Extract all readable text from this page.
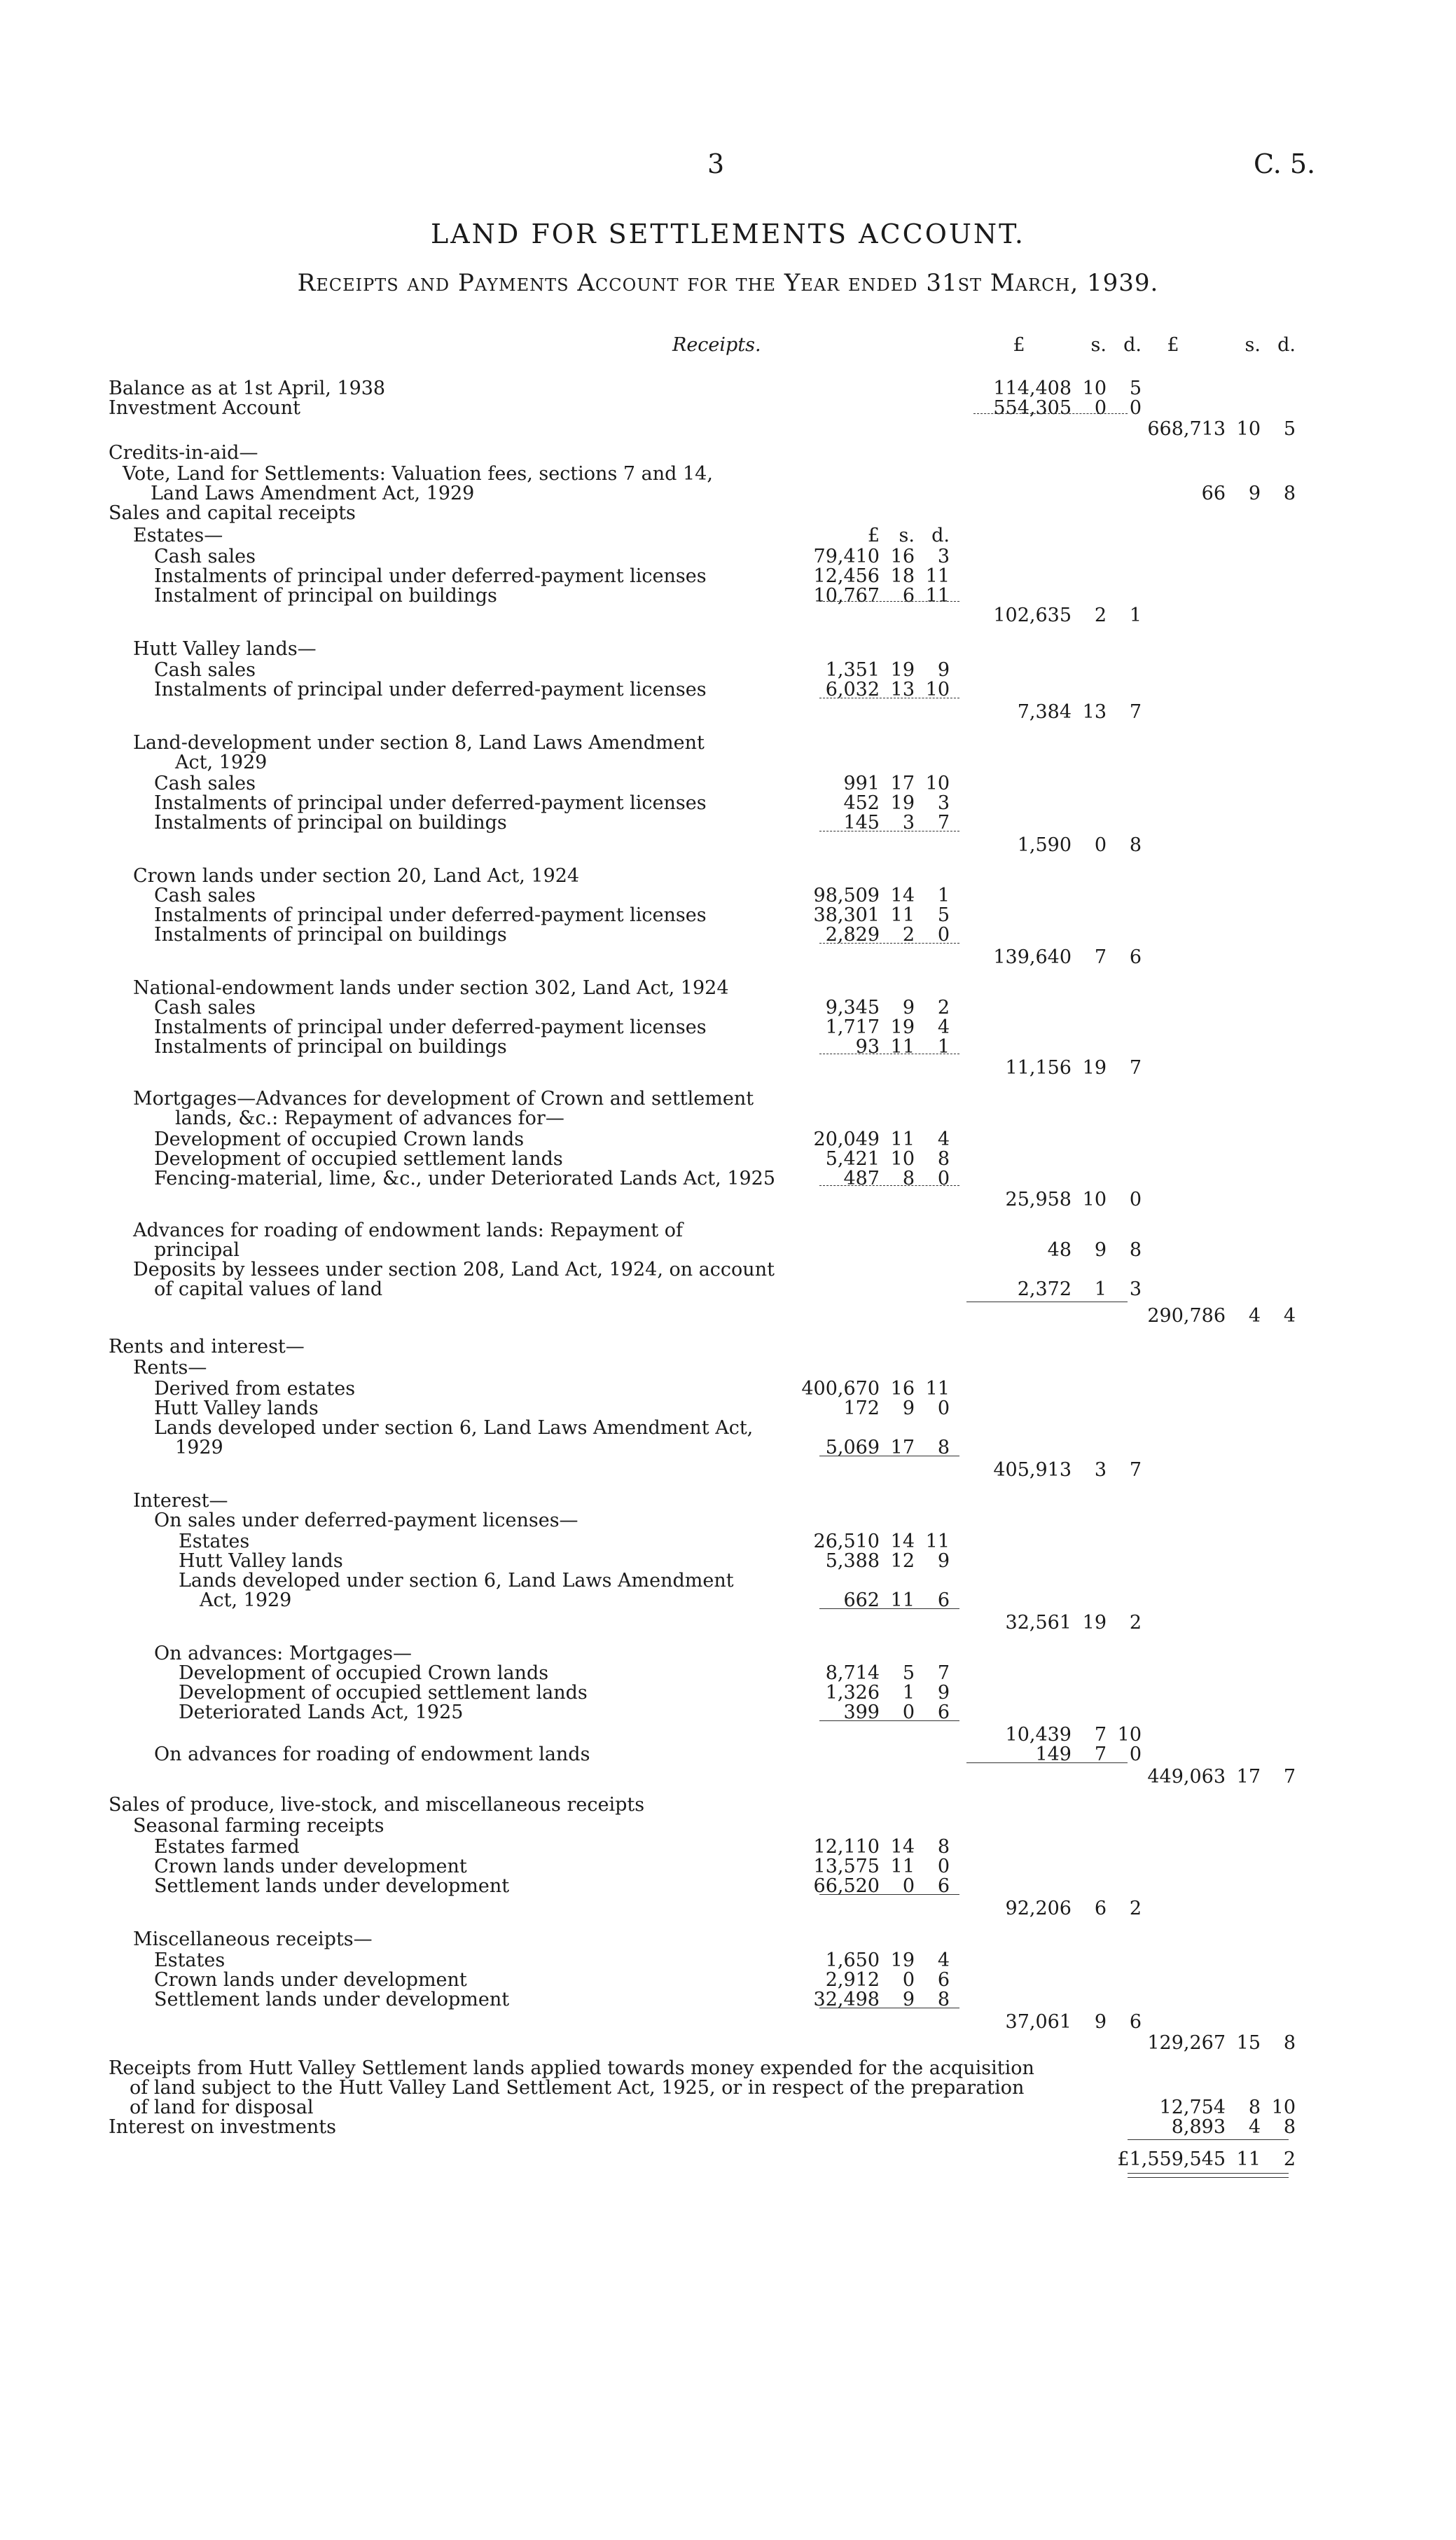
3	C. 5.
LAND FOR SETTLEMENTS ACCOUNT.
Receipts and Payments Account for the Year ended 31st March, 1939.
Receipts.	£	s. d.	£	s. d.
Balance as at 1st April, 1938	114,408 10 5
Investment Account	554,305 0 0
668,713 10 5
Credits-in-aid—
Vote, Land for Settlements: Valuation fees, sections 7 and 14,
Land Laws Amendment Act, 1929	66 9 8
Sales and capital receipts
Estates—	£ s. d.
Cash sales	79,410 16 3
Instalments of principal under deferred-payment licenses	12,456 18 11
Instalment of principal on buildings	10,767 6 11
102,635 2 1
Hutt Valley lands—
Cash sales	1,351 19 9
Instalments of principal under deferred-payment licenses	6,032 13 10
7,384 13 7
Land-development under section 8, Land Laws Amendment
Act, 1929
Cash sales	991 17 10
Instalments of principal under deferred-payment licenses	452 19 3
Instalments of principal on buildings	145 3 7
1,590 0 8
Crown lands under section 20, Land Act, 1924
Cash sales	98,509 14 1
Instalments of principal under deferred-payment licenses	38,301 11 5
Instalments of principal on buildings	2,829 2 0
139,640 7 6
National-endowment lands under section 302, Land Act, 1924
Cash sales	9,345 9 2
Instalments of principal under deferred-payment licenses	1,717 19 4
Instalments of principal on buildings	93 11 1
11,156 19 7
Mortgages—Advances for development of Crown and settlement
lands, &c.: Repayment of advances for—
Development of occupied Crown lands	20,049 11 4
Development of occupied settlement lands	5,421 10 8
Fencing-material, lime, &c., under Deteriorated Lands Act, 1925	487 8 0
25,958 10 0
Advances for roading of endowment lands: Repayment of
principal	48 9 8
Deposits by lessees under section 208, Land Act, 1924, on account
of capital values of land	2,372 1 3
290,786 4 4
Rents and interest—
Rents—
Derived from estates	400,670 16 11
Hutt Valley lands	172 9 0
Lands developed under section 6, Land Laws Amendment Act,
1929	5,069 17 8
405,913 3 7
Interest—
On sales under deferred-payment licenses—
Estates	26,510 14 11
Hutt Valley lands	5,388 12 9
Lands developed under section 6, Land Laws Amendment
Act, 1929	662 11 6
32,561 19 2
On advances: Mortgages—
Development of occupied Crown lands	8,714 5 7
Development of occupied settlement lands	1,326 1 9
Deteriorated Lands Act, 1925	399 0 6
10,439 7 10
On advances for roading of endowment lands	149 7 0
449,063 17 7
Sales of produce, live-stock, and miscellaneous receipts
Seasonal farming receipts
Estates farmed	12,110 14 8
Crown lands under development	13,575 11 0
Settlement lands under development	66,520 0 6
92,206 6 2
Miscellaneous receipts—
Estates	1,650 19 4
Crown lands under development	2,912 0 6
Settlement lands under development	32,498 9 8
37,061 9 6
129,267 15 8
Receipts from Hutt Valley Settlement lands applied towards money expended for the acquisition
of land subject to the Hutt Valley Land Settlement Act, 1925, or in respect of the preparation
of land for disposal	12,754 8 10
Interest on investments	8,893 4 8
£1,559,545 11 2
